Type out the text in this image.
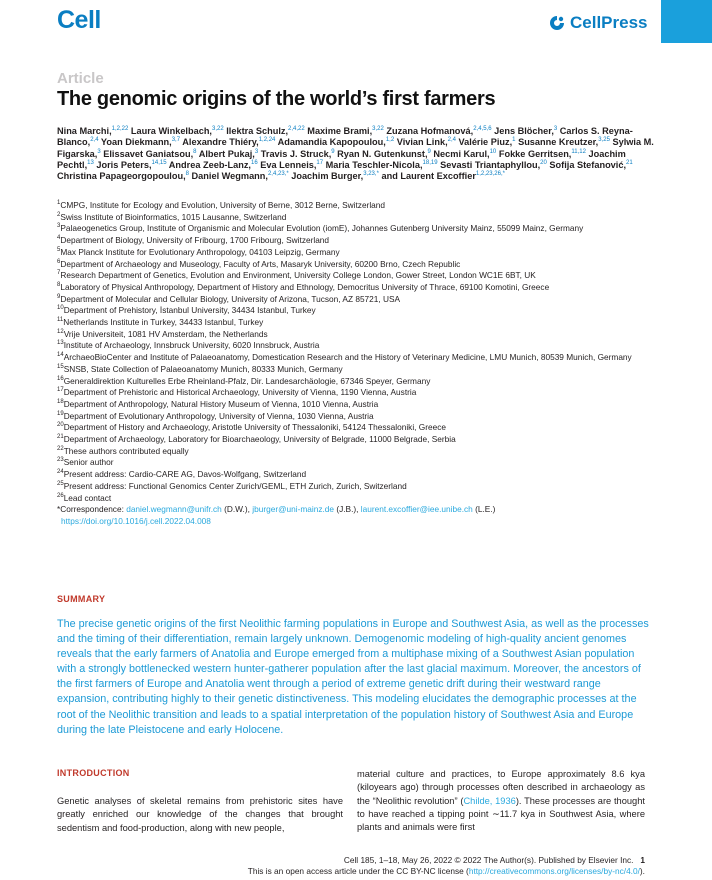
Cell	CellPress
Article
The genomic origins of the world’s first farmers
Nina Marchi,$^{1,2,22}$ Laura Winkelbach,$^{3,22}$ Ilektra Schulz,$^{2,4,22}$ Maxime Brami,$^{3,22}$ Zuzana Hofmanová,$^{2,4,5,6}$ Jens Blöcher,$^3$ Carlos S. Reyna-Blanco,$^{2,4}$ Yoan Diekmann,$^{3,7}$ Alexandre Thiéry,$^{1,2,24}$ Adamandia Kapopoulou,$^{1,2}$ Vivian Link,$^{2,4}$ Valérie Piuz,$^1$ Susanne Kreutzer,$^{3,25}$ Sylwia M. Figarska,$^3$ Elissavet Ganiatsou,$^8$ Albert Pukaj,$^3$ Travis J. Struck,$^9$ Ryan N. Gutenkunst,$^9$ Necmi Karul,$^{10}$ Fokke Gerritsen,$^{11,12}$ Joachim Pechtl,$^{13}$ Joris Peters,$^{14,15}$ Andrea Zeeb-Lanz,$^{16}$ Eva Lenneis,$^{17}$ Maria Teschler-Nicola,$^{18,19}$ Sevasti Triantaphyllou,$^{20}$ Sofija Stefanović,$^{21}$ Christina Papageorgopoulou,$^8$ Daniel Wegmann,$^{2,4,23,*}$ Joachim Burger,$^{3,23,*}$ and Laurent Excoffier$^{1,2,23,26,*}$
$^1$CMPG, Institute for Ecology and Evolution, University of Berne, 3012 Berne, Switzerland
$^2$Swiss Institute of Bioinformatics, 1015 Lausanne, Switzerland
$^3$Palaeogenetics Group, Institute of Organismic and Molecular Evolution (iomE), Johannes Gutenberg University Mainz, 55099 Mainz, Germany
$^4$Department of Biology, University of Fribourg, 1700 Fribourg, Switzerland
$^5$Max Planck Institute for Evolutionary Anthropology, 04103 Leipzig, Germany
$^6$Department of Archaeology and Museology, Faculty of Arts, Masaryk University, 60200 Brno, Czech Republic
$^7$Research Department of Genetics, Evolution and Environment, University College London, Gower Street, London WC1E 6BT, UK
$^8$Laboratory of Physical Anthropology, Department of History and Ethnology, Democritus University of Thrace, 69100 Komotini, Greece
$^9$Department of Molecular and Cellular Biology, University of Arizona, Tucson, AZ 85721, USA
$^{10}$Department of Prehistory, İstanbul University, 34434 Istanbul, Turkey
$^{11}$Netherlands Institute in Turkey, 34433 Istanbul, Turkey
$^{12}$Vrije Universiteit, 1081 HV Amsterdam, the Netherlands
$^{13}$Institute of Archaeology, Innsbruck University, 6020 Innsbruck, Austria
$^{14}$ArchaeoBioCenter and Institute of Palaeoanatomy, Domestication Research and the History of Veterinary Medicine, LMU Munich, 80539 Munich, Germany
$^{15}$SNSB, State Collection of Palaeoanatomy Munich, 80333 Munich, Germany
$^{16}$Generaldirektion Kulturelles Erbe Rheinland-Pfalz, Dir. Landesarchäologie, 67346 Speyer, Germany
$^{17}$Department of Prehistoric and Historical Archaeology, University of Vienna, 1190 Vienna, Austria
$^{18}$Department of Anthropology, Natural History Museum of Vienna, 1010 Vienna, Austria
$^{19}$Department of Evolutionary Anthropology, University of Vienna, 1030 Vienna, Austria
$^{20}$Department of History and Archaeology, Aristotle University of Thessaloniki, 54124 Thessaloniki, Greece
$^{21}$Department of Archaeology, Laboratory for Bioarchaeology, University of Belgrade, 11000 Belgrade, Serbia
$^{22}$These authors contributed equally
$^{23}$Senior author
$^{24}$Present address: Cardio-CARE AG, Davos-Wolfgang, Switzerland
$^{25}$Present address: Functional Genomics Center Zurich/GEML, ETH Zurich, Zurich, Switzerland
$^{26}$Lead contact
*Correspondence: daniel.wegmann@unifr.ch (D.W.), jburger@uni-mainz.de (J.B.), laurent.excoffier@iee.unibe.ch (L.E.)
https://doi.org/10.1016/j.cell.2022.04.008
SUMMARY
The precise genetic origins of the first Neolithic farming populations in Europe and Southwest Asia, as well as the processes and the timing of their differentiation, remain largely unknown. Demogenomic modeling of high-quality ancient genomes reveals that the early farmers of Anatolia and Europe emerged from a multiphase mixing of a Southwest Asian population with a strongly bottlenecked western hunter-gatherer population after the last glacial maximum. Moreover, the ancestors of the first farmers of Europe and Anatolia went through a period of extreme genetic drift during their westward range expansion, contributing highly to their genetic distinctiveness. This modeling elucidates the demographic processes at the root of the Neolithic transition and leads to a spatial interpretation of the population history of Southwest Asia and Europe during the late Pleistocene and early Holocene.
INTRODUCTION

Genetic analyses of skeletal remains from prehistoric sites have greatly enriched our knowledge of the changes that brought sedentism and food-production, along with new people,

material culture and practices, to Europe approximately 8.6 kya (kiloyears ago) through processes often described in archaeology as the “Neolithic revolution” (Childe, 1936). These processes are thought to have reached a tipping point ∼11.7 kya in Southwest Asia, where plants and animals were first

Cell 185, 1–18, May 26, 2022 © 2022 The Author(s). Published by Elsevier Inc. 1
This is an open access article under the CC BY-NC license (http://creativecommons.org/licenses/by-nc/4.0/).
